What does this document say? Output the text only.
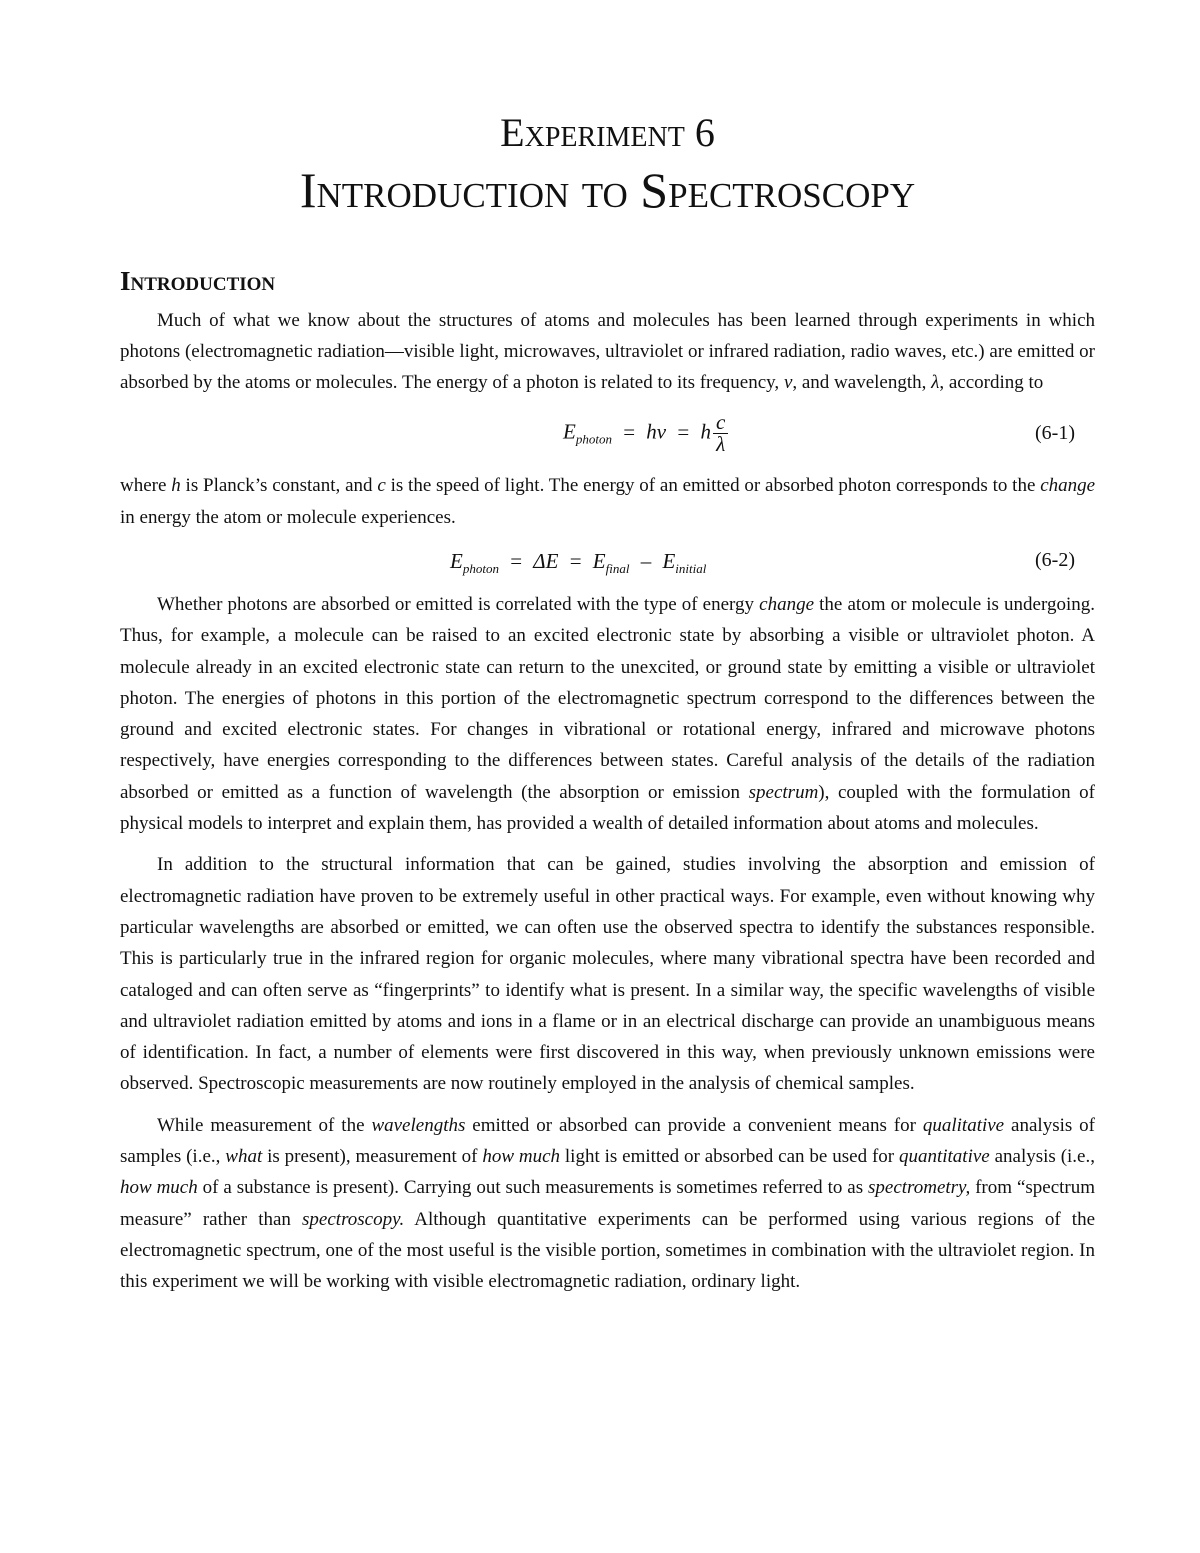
Experiment 6
Introduction to Spectroscopy
Introduction

Much of what we know about the structures of atoms and molecules has been learned through experiments in which photons (electromagnetic radiation—visible light, microwaves, ultraviolet or infrared radiation, radio waves, etc.) are emitted or absorbed by the atoms or molecules. The energy of a photon is related to its frequency, ν, and wavelength, λ, according to

$E_{photon} = h\nu = h \frac{c}{\lambda}$	(6-1)

where h is Planck’s constant, and c is the speed of light. The energy of an emitted or absorbed photon corresponds to the change in energy the atom or molecule experiences.

$E_{photon} = \Delta E = E_{final} - E_{initial}$	(6-2)

Whether photons are absorbed or emitted is correlated with the type of energy change the atom or molecule is undergoing. Thus, for example, a molecule can be raised to an excited electronic state by absorbing a visible or ultraviolet photon. A molecule already in an excited electronic state can return to the unexcited, or ground state by emitting a visible or ultraviolet photon. The energies of photons in this portion of the electromagnetic spectrum correspond to the differences between the ground and excited electronic states. For changes in vibrational or rotational energy, infrared and microwave photons respectively, have energies corresponding to the differences between states. Careful analysis of the details of the radiation absorbed or emitted as a function of wavelength (the absorption or emission spectrum), coupled with the formulation of physical models to interpret and explain them, has provided a wealth of detailed information about atoms and molecules.

In addition to the structural information that can be gained, studies involving the absorption and emission of electromagnetic radiation have proven to be extremely useful in other practical ways. For example, even without knowing why particular wavelengths are absorbed or emitted, we can often use the observed spectra to identify the substances responsible. This is particularly true in the infrared region for organic molecules, where many vibrational spectra have been recorded and cataloged and can often serve as “fingerprints” to identify what is present. In a similar way, the specific wavelengths of visible and ultraviolet radiation emitted by atoms and ions in a flame or in an electrical discharge can provide an unambiguous means of identification. In fact, a number of elements were first discovered in this way, when previously unknown emissions were observed. Spectroscopic measurements are now routinely employed in the analysis of chemical samples.

While measurement of the wavelengths emitted or absorbed can provide a convenient means for qualitative analysis of samples (i.e., what is present), measurement of how much light is emitted or absorbed can be used for quantitative analysis (i.e., how much of a substance is present). Carrying out such measurements is sometimes referred to as spectrometry, from “spectrum measure” rather than spectroscopy. Although quantitative experiments can be performed using various regions of the electromagnetic spectrum, one of the most useful is the visible portion, sometimes in combination with the ultraviolet region. In this experiment we will be working with visible electromagnetic radiation, ordinary light.
